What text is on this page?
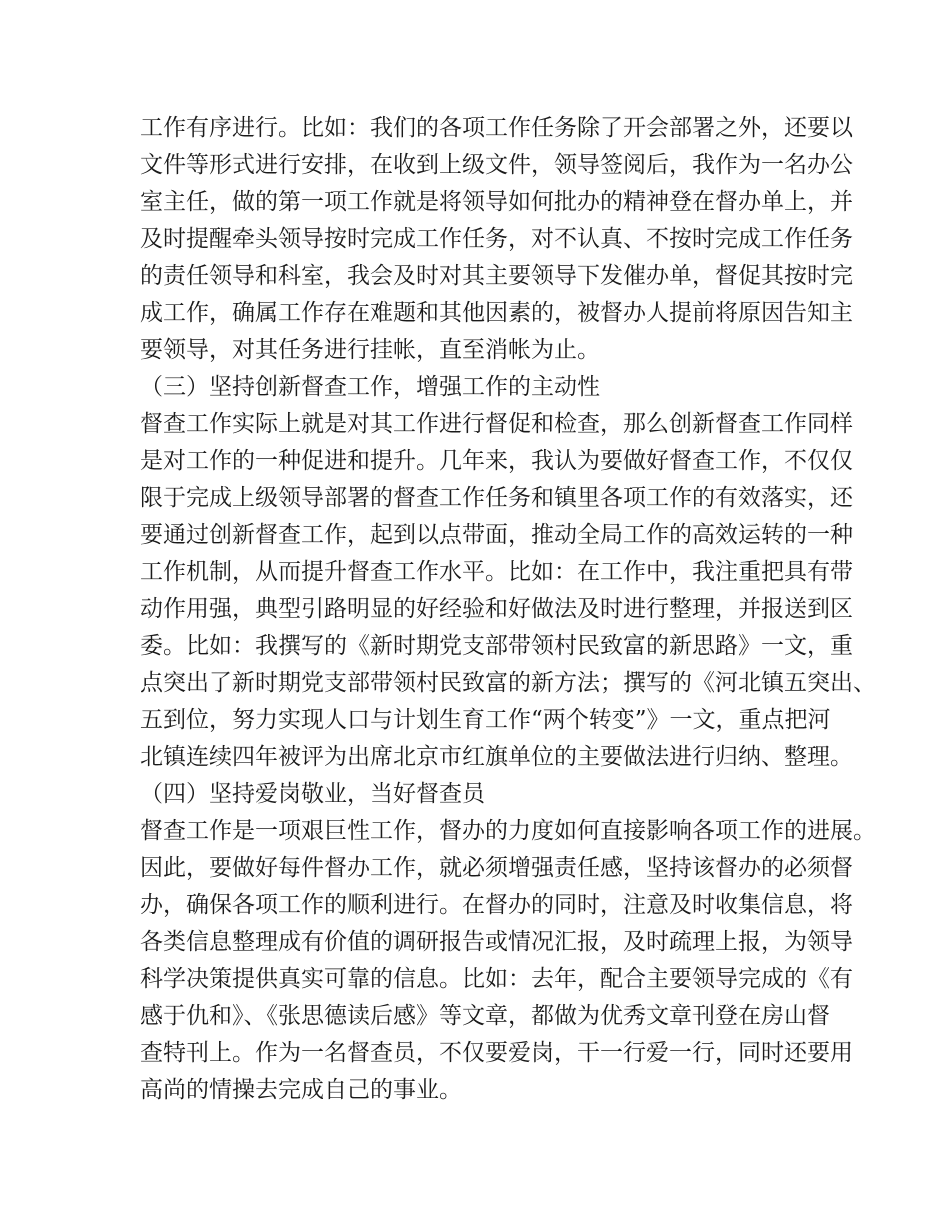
工作有序进行。比如：我们的各项工作任务除了开会部署之外，还要以
文件等形式进行安排，在收到上级文件，领导签阅后，我作为一名办公
室主任，做的第一项工作就是将领导如何批办的精神登在督办单上，并
及时提醒牵头领导按时完成工作任务，对不认真、不按时完成工作任务
的责任领导和科室，我会及时对其主要领导下发催办单，督促其按时完
成工作，确属工作存在难题和其他因素的，被督办人提前将原因告知主
要领导，对其任务进行挂帐，直至消帐为止。
（三）坚持创新督查工作，增强工作的主动性
督查工作实际上就是对其工作进行督促和检查，那么创新督查工作同样
是对工作的一种促进和提升。几年来，我认为要做好督查工作，不仅仅
限于完成上级领导部署的督查工作任务和镇里各项工作的有效落实，还
要通过创新督查工作，起到以点带面，推动全局工作的高效运转的一种
工作机制，从而提升督查工作水平。比如：在工作中，我注重把具有带
动作用强，典型引路明显的好经验和好做法及时进行整理，并报送到区
委。比如：我撰写的《新时期党支部带领村民致富的新思路》一文，重
点突出了新时期党支部带领村民致富的新方法；撰写的《河北镇五突出、
五到位，努力实现人口与计划生育工作“两个转变”》一文，重点把河
北镇连续四年被评为出席北京市红旗单位的主要做法进行归纳、整理。
（四）坚持爱岗敬业，当好督查员
督查工作是一项艰巨性工作，督办的力度如何直接影响各项工作的进展。
因此，要做好每件督办工作，就必须增强责任感，坚持该督办的必须督
办，确保各项工作的顺利进行。在督办的同时，注意及时收集信息，将
各类信息整理成有价值的调研报告或情况汇报，及时疏理上报，为领导
科学决策提供真实可靠的信息。比如：去年，配合主要领导完成的《有
感于仇和》、《张思德读后感》等文章，都做为优秀文章刊登在房山督
查特刊上。作为一名督查员，不仅要爱岗，干一行爱一行，同时还要用
高尚的情操去完成自己的事业。
